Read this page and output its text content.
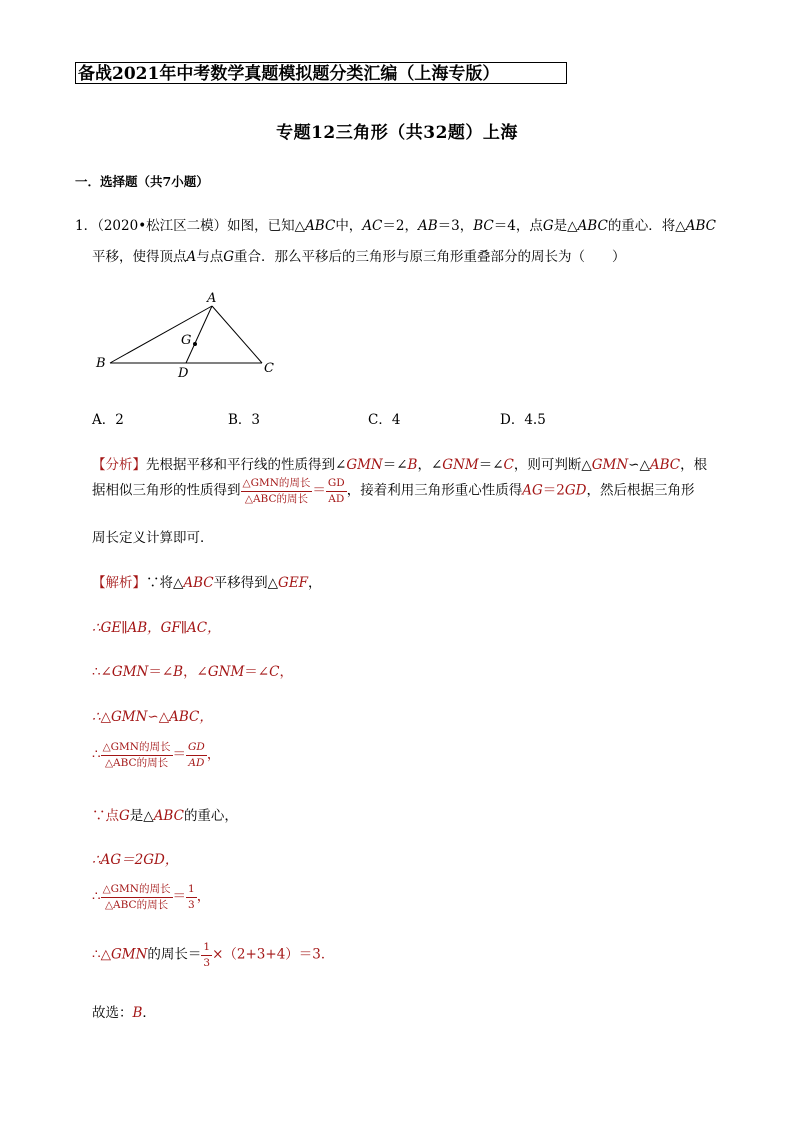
备战2021年中考数学真题模拟题分类汇编（上海专版）
专题12三角形（共32题）上海
一．选择题（共7小题）
1．（2020•松江区二模）如图，已知△ABC中，AC＝2，AB＝3，BC＝4，点G是△ABC的重心．将△ABC
平移，使得顶点A与点G重合．那么平移后的三角形与原三角形重叠部分的周长为（　　）
A
B	C
D
G
A．2	B．3	C．4	D．4.5
【分析】先根据平移和平行线的性质得到∠GMN＝∠B，∠GNM＝∠C，则可判断△GMN∽△ABC，根
据相似三角形的性质得到 $\frac{\text{△GMN的周长}}{\text{△ABC的周长}} = \frac{GD}{AD}$ ，接着利用三角形重心性质得AG＝2GD，然后根据三角形
周长定义计算即可．
【解析】∵将△ABC平移得到△GEF，
∴GE∥AB，GF∥AC，
∴∠GMN＝∠B，∠GNM＝∠C，
∴△GMN∽△ABC，
∴ $\frac{\text{△GMN的周长}}{\text{△ABC的周长}} = \frac{GD}{AD}$ ，
∵点G是△ABC的重心，
∴AG＝2GD，
∴ $\frac{\text{△GMN的周长}}{\text{△ABC的周长}} = \frac{1}{3}$ ，
∴△GMN的周长＝ $\frac{1}{3} \times(2+3+4)=3$．
故选：B．
